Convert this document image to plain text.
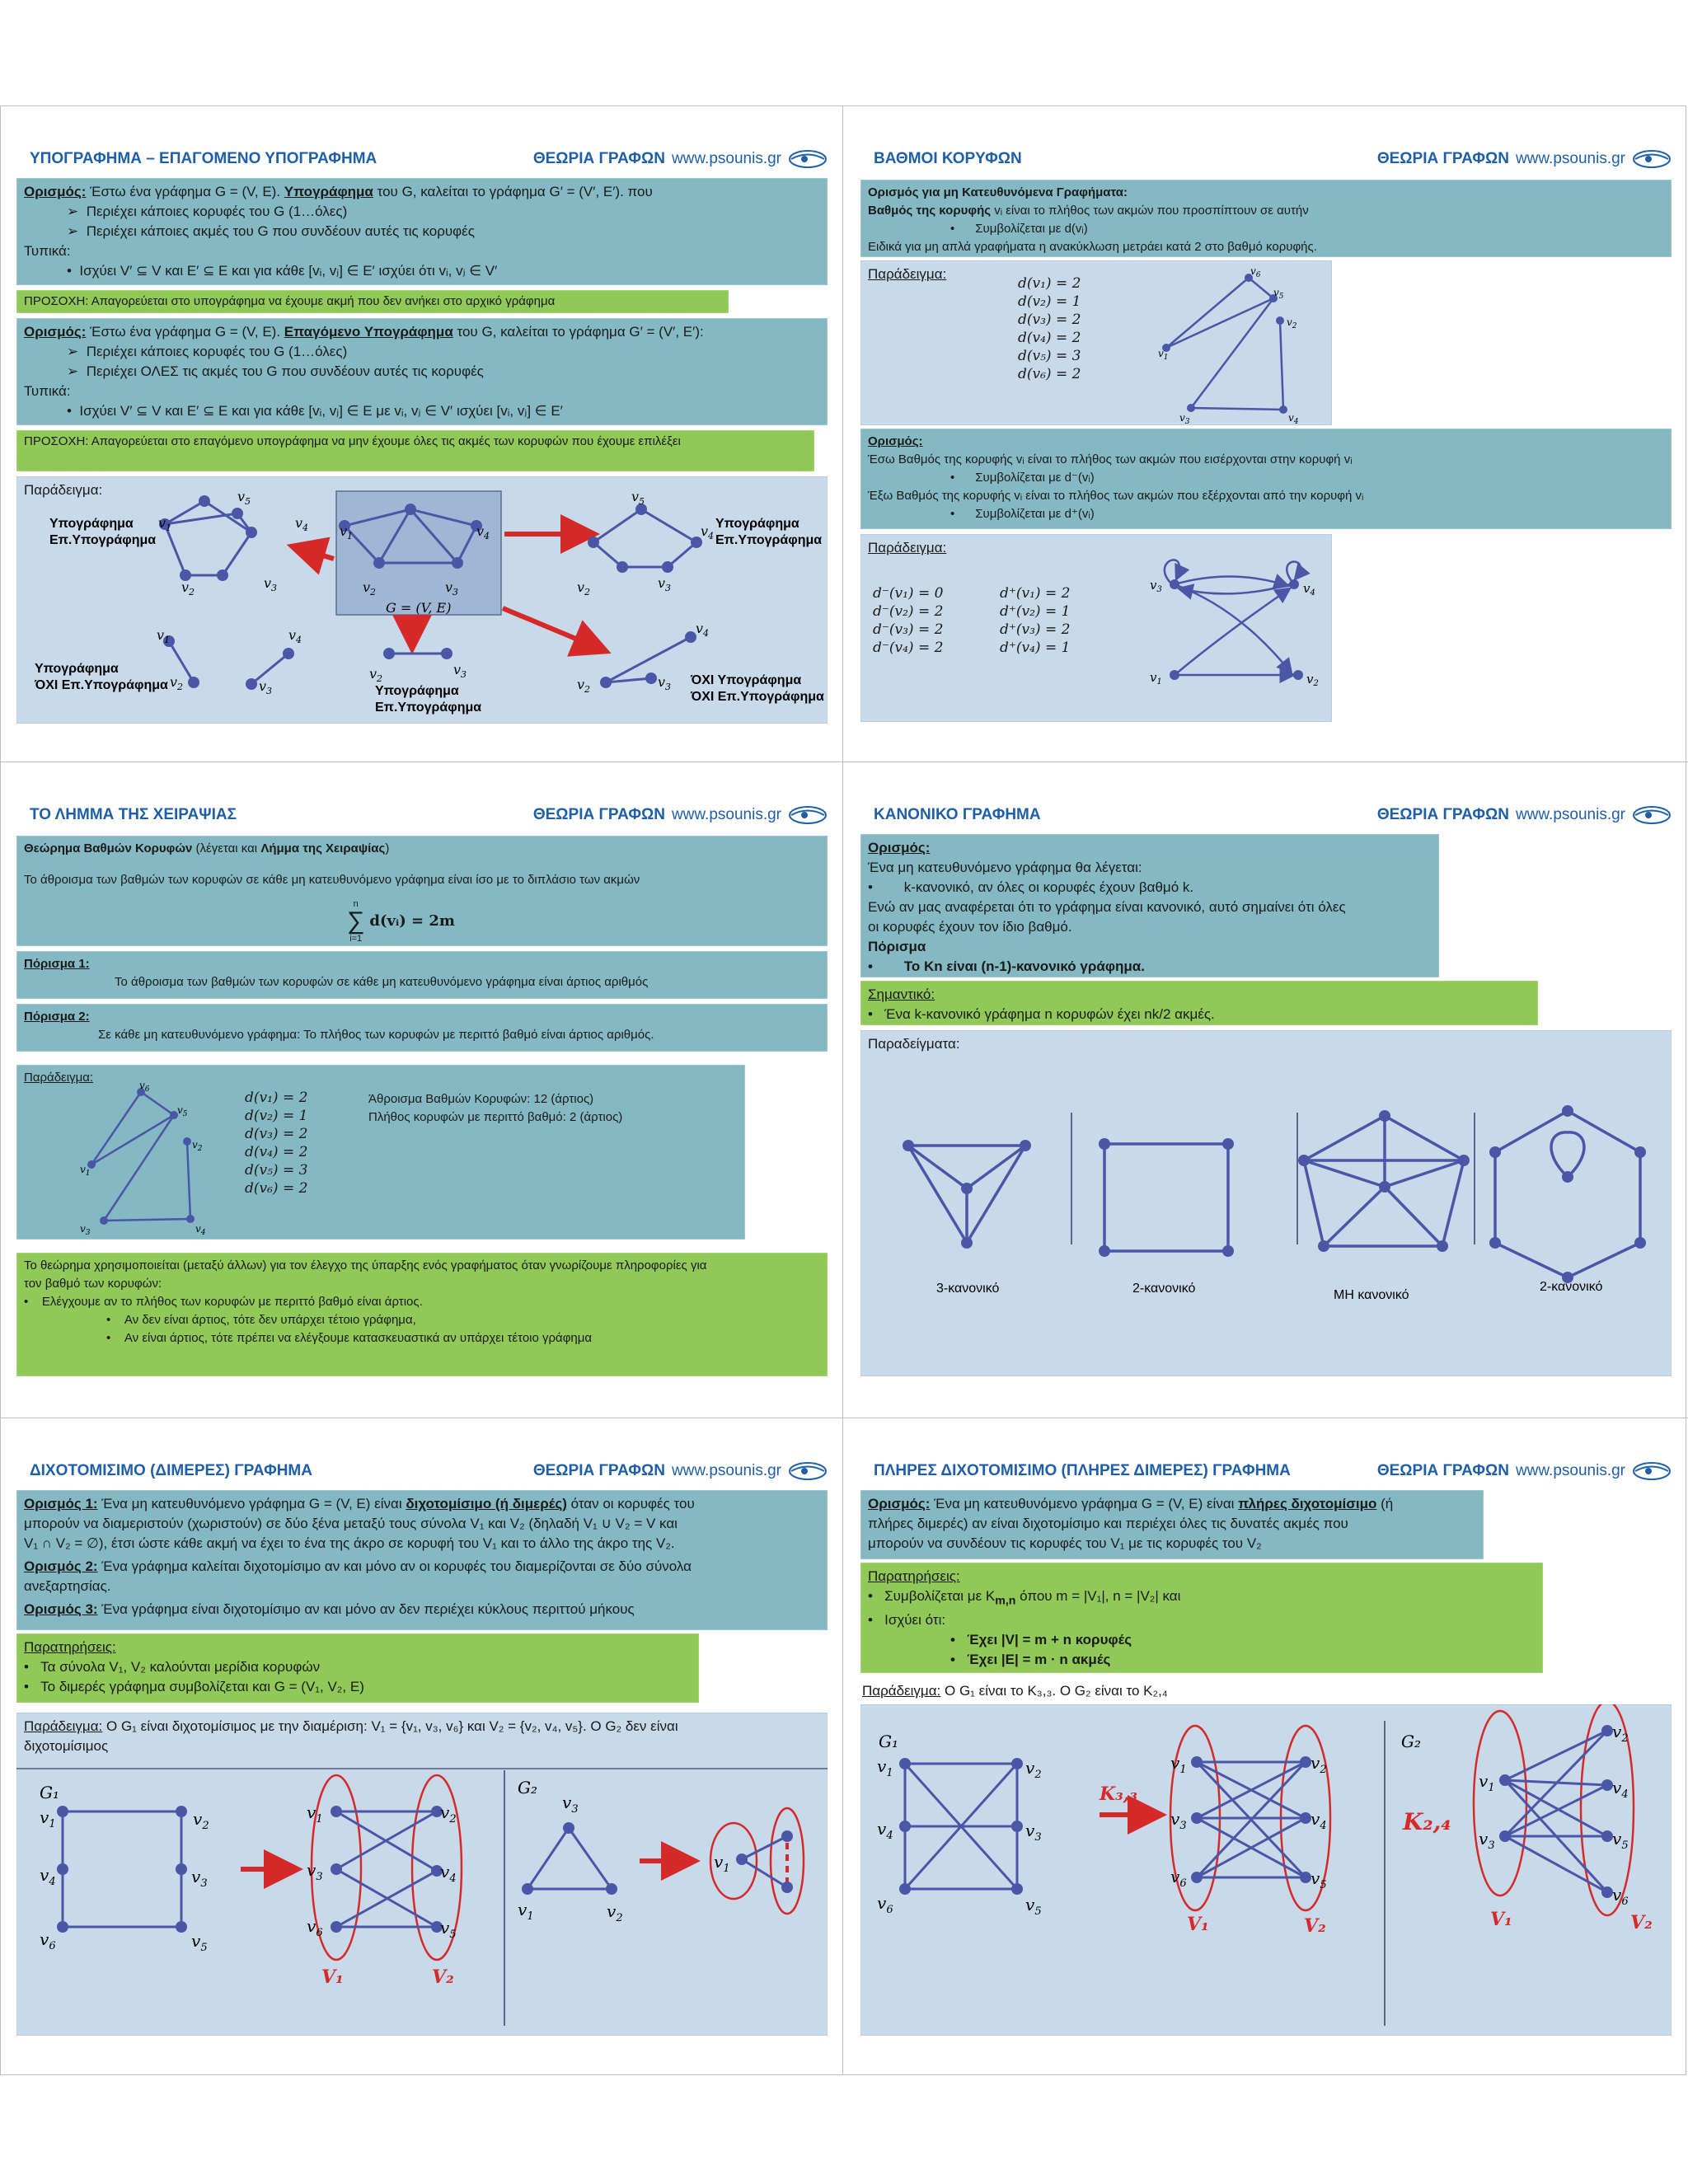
ΥΠΟΓΡΑΦΗΜΑ – ΕΠΑΓΟΜΕΝΟ ΥΠΟΓΡΑΦΗΜΑ	ΘΕΩΡΙΑ ΓΡΑΦΩΝ www.psounis.gr
Ορισμός: Έστω ένα γράφημα G = (V, E). Υπογράφημα του G, καλείται το γράφημα G′ = (V′, E′). που
➢  Περιέχει κάποιες κορυφές του G (1…όλες)
➢  Περιέχει κάποιες ακμές του G που συνδέουν αυτές τις κορυφές
Τυπικά:
•  Ισχύει V′ ⊆ V και E′ ⊆ E και για κάθε [vᵢ, vⱼ] ∈ E′ ισχύει ότι vᵢ, vⱼ ∈ V′
ΠΡΟΣΟΧΗ: Απαγορεύεται στο υπογράφημα να έχουμε ακμή που δεν ανήκει στο αρχικό γράφημα
Ορισμός: Έστω ένα γράφημα G = (V, E). Επαγόμενο Υπογράφημα του G, καλείται το γράφημα G′ = (V′, E′):
➢  Περιέχει κάποιες κορυφές του G (1…όλες)
➢  Περιέχει ΟΛΕΣ τις ακμές του G που συνδέουν αυτές τις κορυφές
Τυπικά:
•  Ισχύει V′ ⊆ V και E′ ⊆ E και για κάθε [vᵢ, vⱼ] ∈ E με vᵢ, vⱼ ∈ V′ ισχύει [vᵢ, vⱼ] ∈ E′
ΠΡΟΣΟΧΗ: Απαγορεύεται στο επαγόμενο υπογράφημα να μην έχουμε όλες τις ακμές των κορυφών που έχουμε επιλέξει
Παράδειγμα:
$v_1$	$v_4$
$v_2$	$v_3$
G = (V, E)
$v_5$
$v_1$	$v_4$
$v_2$
$v_3$
Υπογράφημα
Επ.Υπογράφημα
$v_5$
$v_4$
$v_2$
$v_3$
Υπογράφημα
Επ.Υπογράφημα
$v_1$	$v_4$
$v_2$	$v_3$
Υπογράφημα
ΌΧΙ Επ.Υπογράφημα
$v_2$
$v_3$
Υπογράφημα
Επ.Υπογράφημα
$v_4$
$v_2$	$v_3$ ΌΧΙ Υπογράφημα
ΌΧΙ Επ.Υπογράφημα
ΒΑΘΜΟΙ ΚΟΡΥΦΩΝ	ΘΕΩΡΙΑ ΓΡΑΦΩΝ www.psounis.gr
Ορισμός για μη Κατευθυνόμενα Γραφήματα:
Βαθμός της κορυφής vᵢ είναι το πλήθος των ακμών που προσπίπτουν σε αυτήν
•      Συμβολίζεται με d(vᵢ)
Ειδικά για μη απλά γραφήματα η ανακύκλωση μετράει κατά 2 στο βαθμό κορυφής.
Παράδειγμα:
d(v₁) = 2
d(v₂) = 1
d(v₃) = 2
d(v₄) = 2
d(v₅) = 3
d(v₆) = 2
$v_6$
$v_5$
$v_2$
$v_1$
$v_3$	$v_4$
Ορισμός:
Έσω Βαθμός της κορυφής vᵢ είναι το πλήθος των ακμών που εισέρχονται στην κορυφή vᵢ
•      Συμβολίζεται με d⁻(vᵢ)
Έξω Βαθμός της κορυφής vᵢ είναι το πλήθος των ακμών που εξέρχονται από την κορυφή vᵢ
•      Συμβολίζεται με d⁺(vᵢ)
Παράδειγμα:
d⁻(v₁) = 0
d⁻(v₂) = 2
d⁻(v₃) = 2
d⁻(v₄) = 2
d⁺(v₁) = 2
d⁺(v₂) = 1
d⁺(v₃) = 2
d⁺(v₄) = 1
$v_3$	$v_4$
$v_1$	$v_2$
ΤΟ ΛΗΜΜΑ ΤΗΣ ΧΕΙΡΑΨΙΑΣ	ΘΕΩΡΙΑ ΓΡΑΦΩΝ www.psounis.gr
Θεώρημα Βαθμών Κορυφών (λέγεται και Λήμμα της Χειραψίας)
Το άθροισμα των βαθμών των κορυφών σε κάθε μη κατευθυνόμενο γράφημα είναι ίσο με το διπλάσιο των ακμών
n
∑
i=1
d(vᵢ) = 2m
Πόρισμα 1:
Το άθροισμα των βαθμών των κορυφών σε κάθε μη κατευθυνόμενο γράφημα είναι άρτιος αριθμός
Πόρισμα 2:
Σε κάθε μη κατευθυνόμενο γράφημα: Το πλήθος των κορυφών με περιττό βαθμό είναι άρτιος αριθμός.
Παράδειγμα:
$v_6$
$v_5$
$v_2$
$v_1$
$v_3$	$v_4$
d(v₁) = 2
d(v₂) = 1
d(v₃) = 2
d(v₄) = 2
d(v₅) = 3
d(v₆) = 2
Άθροισμα Βαθμών Κορυφών: 12 (άρτιος)
Πλήθος κορυφών με περιττό βαθμό: 2 (άρτιος)
Το θεώρημα χρησιμοποιείται (μεταξύ άλλων) για τον έλεγχο της ύπαρξης ενός γραφήματος όταν γνωρίζουμε πληροφορίες για
τον βαθμό των κορυφών:
•    Ελέγχουμε αν το πλήθος των κορυφών με περιττό βαθμό είναι άρτιος.
•    Αν δεν είναι άρτιος, τότε δεν υπάρχει τέτοιο γράφημα,
•    Αν είναι άρτιος, τότε πρέπει να ελέγξουμε κατασκευαστικά αν υπάρχει τέτοιο γράφημα
ΚΑΝΟΝΙΚΟ ΓΡΑΦΗΜΑ	ΘΕΩΡΙΑ ΓΡΑΦΩΝ www.psounis.gr
Ορισμός:
Ένα μη κατευθυνόμενο γράφημα θα λέγεται:
•        k-κανονικό, αν όλες οι κορυφές έχουν βαθμό k.
Ενώ αν μας αναφέρεται ότι το γράφημα είναι κανονικό, αυτό σημαίνει ότι όλες
οι κορυφές έχουν τον ίδιο βαθμό.
Πόρισμα
•        Το Kn είναι (n-1)-κανονικό γράφημα.
Σημαντικό:
•   Ένα k-κανονικό γράφημα n κορυφών έχει nk/2 ακμές.
Παραδείγματα:
3-κανονικό	2-κανονικό	ΜΗ κανονικό
2-κανονικό
ΔΙΧΟΤΟΜΙΣΙΜΟ (ΔΙΜΕΡΕΣ) ΓΡΑΦΗΜΑ	ΘΕΩΡΙΑ ΓΡΑΦΩΝ www.psounis.gr
Ορισμός 1: Ένα μη κατευθυνόμενο γράφημα G = (V, E) είναι διχοτομίσιμο (ή διμερές) όταν οι κορυφές του
μπορούν να διαμεριστούν (χωριστούν) σε δύο ξένα μεταξύ τους σύνολα V₁ και V₂ (δηλαδή V₁ ∪ V₂ = V και
V₁ ∩ V₂ = ∅), έτσι ώστε κάθε ακμή να έχει το ένα της άκρο σε κορυφή του V₁ και το άλλο της άκρο της V₂.
Ορισμός 2: Ένα γράφημα καλείται διχοτομίσιμο αν και μόνο αν οι κορυφές του διαμερίζονται σε δύο σύνολα
ανεξαρτησίας.
Ορισμός 3: Ένα γράφημα είναι διχοτομίσιμο αν και μόνο αν δεν περιέχει κύκλους περιττού μήκους
Παρατηρήσεις:
•   Τα σύνολα V₁, V₂ καλούνται μερίδια κορυφών
•   Το διμερές γράφημα συμβολίζεται και G = (V₁, V₂, E)
Παράδειγμα: Ο G₁ είναι διχοτομίσιμος με την διαμέριση: V₁ = {v₁, v₃, v₆} και V₂ = {v₂, v₄, v₅}. Ο G₂ δεν είναι
διχοτομίσιμος
G₁	G₂
$v_1$	$v_2$
$v_4$	$v_3$
$v_6$	$v_5$
$v_1$
$v_3$
$v_6$
$v_2$
$v_4$
$v_5$
V₁	V₂
$v_3$
$v_1$	$v_2$
$v_1$
ΠΛΗΡΕΣ ΔΙΧΟΤΟΜΙΣΙΜΟ (ΠΛΗΡΕΣ ΔΙΜΕΡΕΣ) ΓΡΑΦΗΜΑ	ΘΕΩΡΙΑ ΓΡΑΦΩΝ www.psounis.gr
Ορισμός: Ένα μη κατευθυνόμενο γράφημα G = (V, E) είναι πλήρες διχοτομίσιμο (ή
πλήρες διμερές) αν είναι διχοτομίσιμο και περιέχει όλες τις δυνατές ακμές που
μπορούν να συνδέουν τις κορυφές του V₁ με τις κορυφές του V₂
Παρατηρήσεις:
•   Συμβολίζεται με $K_{m,n}$ όπου m = |V₁|, n = |V₂| και
•   Ισχύει ότι:
•   Έχει |V| = m + n κορυφές
•   Έχει |E| = m · n ακμές
Παράδειγμα: Ο G₁ είναι το K₃,₃. Ο G₂ είναι το K₂,₄
G₁	G₂
$v_1$	$v_2$
$v_4$	$v_3$
$v_6$	$v_5$
K₃,₃
$v_1$
$v_3$
$v_6$
$v_2$
$v_4$
$v_5$
V₁	V₂
K₂,₄
$v_1$
$v_3$
$v_2$
$v_4$
$v_5$
$v_6$
V₁	V₂
